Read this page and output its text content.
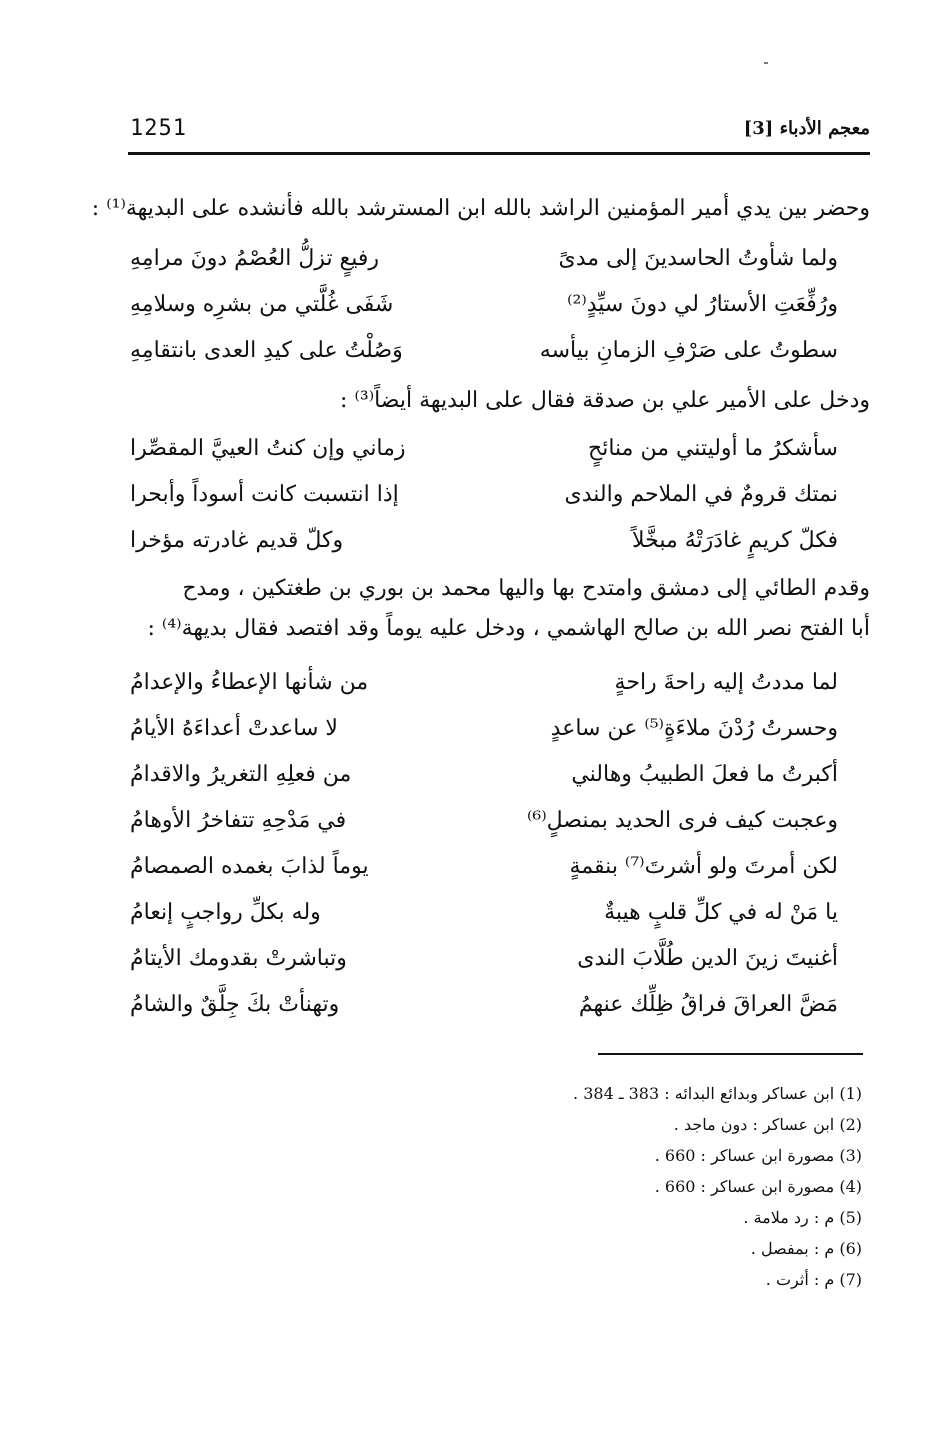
1251	معجم الأدباء [3]
وحضر بين يدي أمير المؤمنين الراشد بالله ابن المسترشد بالله فأنشده على البديهة⁽¹⁾ :
ولما شأوتُ الحاسدينَ إلى مدىً
رفيعٍ تزلُّ العُصْمُ دونَ مرامِهِ
ورُفِّعَتِ الأستارُ لي دونَ سيِّدٍ⁽²⁾
شَفَى غُلَّتي من بشرِه وسلامِهِ
سطوتُ على صَرْفِ الزمانِ بيأسه
وَصُلْتُ على كيدِ العدى بانتقامِهِ
ودخل على الأمير علي بن صدقة فقال على البديهة أيضاً⁽³⁾ :
سأشكرُ ما أوليتني من منائحٍ
زماني وإن كنتُ العييَّ المقصِّرا
نمتك قرومٌ في الملاحم والندى
إذا انتسبت كانت أسوداً وأبحرا
فكلّ كريمٍ غادَرَتْهُ مبخَّلاً
وكلّ قديم غادرته مؤخرا
وقدم الطائي إلى دمشق وامتدح بها واليها محمد بن بوري بن طغتكين ، ومدح
أبا الفتح نصر الله بن صالح الهاشمي ، ودخل عليه يوماً وقد افتصد فقال بديهة⁽⁴⁾ :
لما مددتُ إليه راحةَ راحةٍ
من شأنها الإعطاءُ والإعدامُ
وحسرتُ رُدْنَ ملاءَةٍ⁽⁵⁾ عن ساعدٍ
لا ساعدتْ أعداءَهُ الأيامُ
أكبرتُ ما فعلَ الطبيبُ وهالني
من فعلِهِ التغريرُ والاقدامُ
وعجبت كيف فرى الحديد بمنصلٍ⁽⁶⁾
في مَدْحِهِ تتفاخرُ الأوهامُ
لكن أمرتَ ولو أشرتَ⁽⁷⁾ بنقمةٍ
يوماً لذابَ بغمده الصمصامُ
يا مَنْ له في كلِّ قلبٍ هيبةٌ
وله بكلِّ رواجبٍ إنعامُ
أغنيتَ زينَ الدين طُلَّابَ الندى
وتباشرتْ بقدومك الأيتامُ
مَضَّ العراقَ فراقُ ظِلِّك عنهمُ
وتهنأتْ بكَ جِلَّقٌ والشامُ
(1) ابن عساكر وبدائع البدائه : 383 ـ 384 .
(2) ابن عساكر : دون ماجد .
(3) مصورة ابن عساكر : 660 .
(4) مصورة ابن عساكر : 660 .
(5) م : رد ملامة .
(6) م : بمفصل .
(7) م : أثرت .
